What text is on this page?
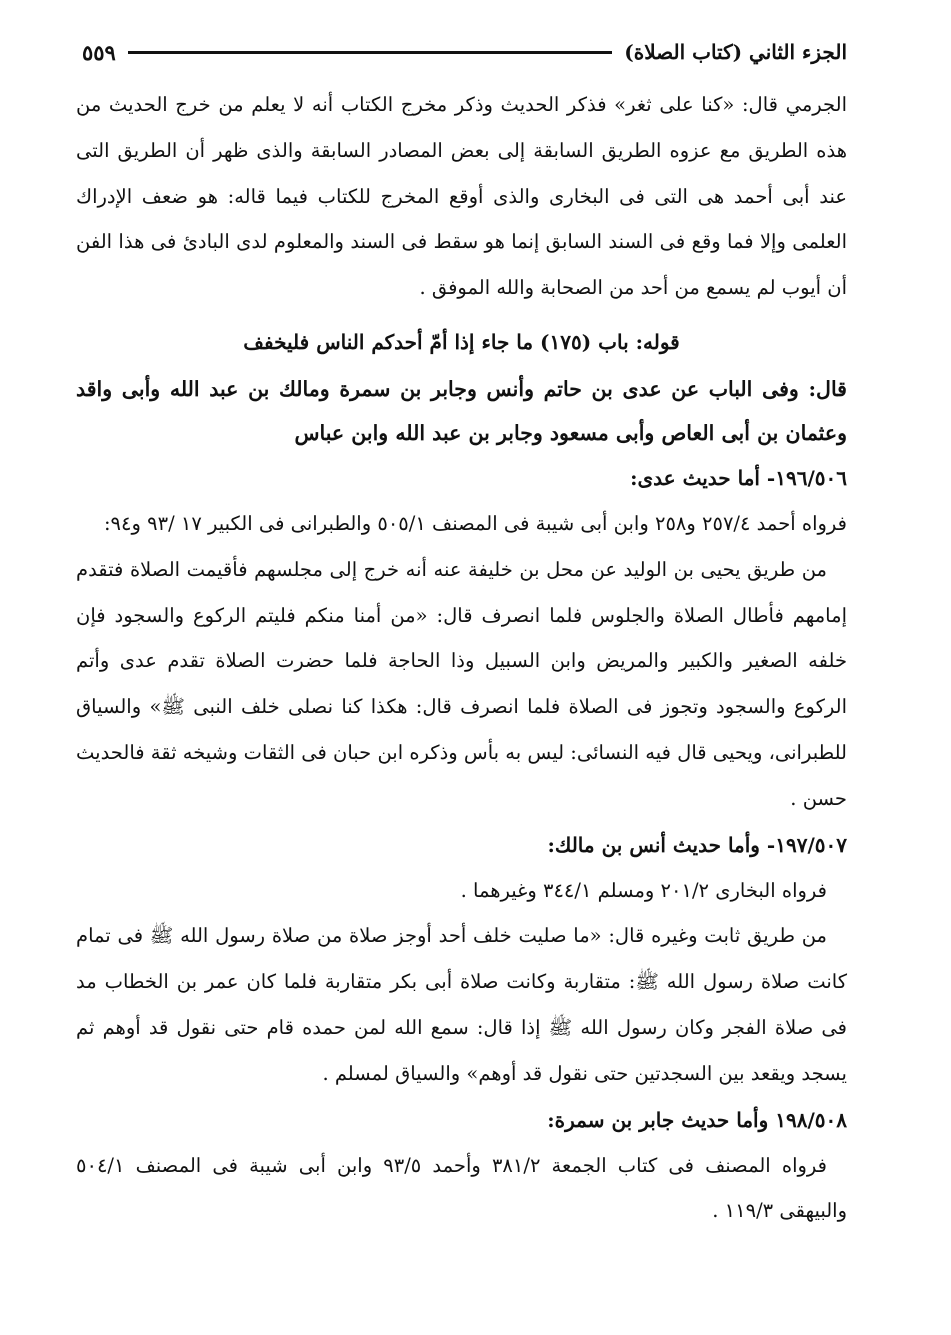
الجزء الثاني (كتاب الصلاة)
٥٥٩

الجرمي قال: «كنا على ثغر» فذكر الحديث وذكر مخرج الكتاب أنه لا يعلم من خرج الحديث من هذه الطريق مع عزوه الطريق السابقة إلى بعض المصادر السابقة والذى ظهر أن الطريق التى عند أبى أحمد هى التى فى البخارى والذى أوقع المخرج للكتاب فيما قاله: هو ضعف الإدراك العلمى وإلا فما وقع فى السند السابق إنما هو سقط فى السند والمعلوم لدى البادئ فى هذا الفن أن أيوب لم يسمع من أحد من الصحابة والله الموفق .

قوله: باب (١٧٥) ما جاء إذا أمّ أحدكم الناس فليخفف

قال: وفى الباب عن عدى بن حاتم وأنس وجابر بن سمرة ومالك بن عبد الله وأبى واقد وعثمان بن أبى العاص وأبى مسعود وجابر بن عبد الله وابن عباس

١٩٦/٥٠٦- أما حديث عدى:

فرواه أحمد ٢٥٧/٤ و٢٥٨ وابن أبى شيبة فى المصنف ٥٠٥/١ والطبرانى فى الكبير ١٧ /٩٣ و٩٤:

من طريق يحيى بن الوليد عن محل بن خليفة عنه أنه خرج إلى مجلسهم فأقيمت الصلاة فتقدم إمامهم فأطال الصلاة والجلوس فلما انصرف قال: «من أمنا منكم فليتم الركوع والسجود فإن خلفه الصغير والكبير والمريض وابن السبيل وذا الحاجة فلما حضرت الصلاة تقدم عدى وأتم الركوع والسجود وتجوز فى الصلاة فلما انصرف قال: هكذا كنا نصلى خلف النبى ﷺ» والسياق للطبرانى، ويحيى قال فيه النسائى: ليس به بأس وذكره ابن حبان فى الثقات وشيخه ثقة فالحديث حسن .

١٩٧/٥٠٧- وأما حديث أنس بن مالك:

فرواه البخارى ٢٠١/٢ ومسلم ٣٤٤/١ وغيرهما .

من طريق ثابت وغيره قال: «ما صليت خلف أحد أوجز صلاة من صلاة رسول الله ﷺ فى تمام كانت صلاة رسول الله ﷺ: متقاربة وكانت صلاة أبى بكر متقاربة فلما كان عمر بن الخطاب مد فى صلاة الفجر وكان رسول الله ﷺ إذا قال: سمع الله لمن حمده قام حتى نقول قد أوهم ثم يسجد ويقعد بين السجدتين حتى نقول قد أوهم» والسياق لمسلم .

١٩٨/٥٠٨ وأما حديث جابر بن سمرة:

فرواه المصنف فى كتاب الجمعة ٣٨١/٢ وأحمد ٩٣/٥ وابن أبى شيبة فى المصنف ٥٠٤/١ والبيهقى ١١٩/٣ .
